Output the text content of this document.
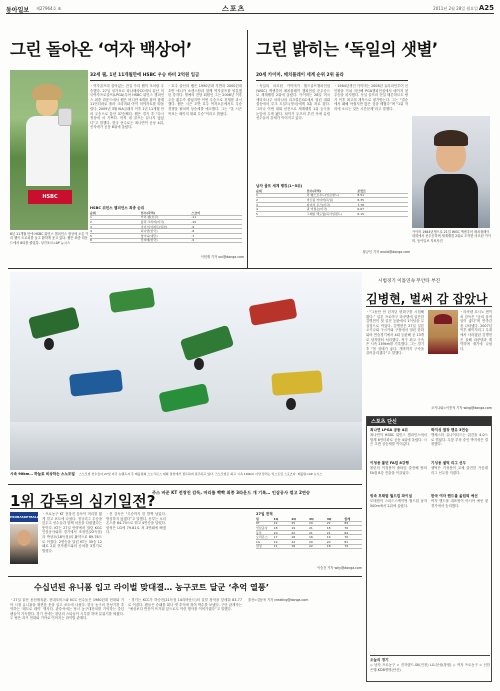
동아일보 제27964호 ⑥	스포츠	2011년 2월 28일 월요일 A25
그린 돌아온 ‘여자 백상어’
32세 웹, 1년 11개월만에 HSBC 우승 바비 2억원 입금
HSBC
8년 11개월 만에 HSBC 위민스 챔피언스 정상에 오른 카리 웹이 트로피를 들고 환하게 웃고 있다. 웹은 최종 라운드에서 6타를 줄였다. 싱가포르=AP 뉴시스
ㆍ여자골프의 살아있는 전설 카리 웹이 모처럼 우승했다. 27일 싱가포르 타나메라CC에서 끝난 미국여자프로골프(LPGA)투어 HSBC 위민스 챔피언스 최종 라운드에서 웹은 버디만 6개를 잡아 합계 11언더파로 폴라 크리머와 아이 미야자토를 따돌렸다. 2009년 3월 KIA클래식 이후 1년 11개월 만의 우승으로 통산 37승째다. 웹은 경기 후 “다시 정상에 서 기쁘다. 아직 내 골프는 끝나지 않았다”고 말했다. 한국 선수로는 최나연이 공동 4위, 신지애가 공동 8위에 올랐다.
ㆍ호주 출신의 웹은 1990년대 후반과 2000년대 초반 애니카 소렌스탐과 함께 여자골프를 양분했던 강자다. 명예의 전당 회원인 그는 2006년 이후 우승 횟수가 줄었지만 이번 우승으로 건재를 과시했다. 웹은 시즌 초반 호주 여자오픈에서도 우승 경쟁을 펼치며 상승세를 예고했다. 그는 “올 시즌 목표는 메이저 대회 우승”이라고 밝혔다.
HSBC 위민스 챔피언스 최종 순위
순위	선수(국적)	스코어
1	카리 웹(호주)	-11
2	폴라 크리머(미국)	-10
3	아이 미야자토(일본)	-9
4	최나연(한국)	-8
5	청야니(대만)	-7
8	신지애(한국)	-5
이헌재 기자 uni@donga.com
그린 밝히는 ‘독일의 샛별’
20세 카이머, 매치플레이 세계 순위 2위 올라
ㆍ독일의 마르틴 카이머가 월드골프챔피언십(WGC) 액센추어 매치플레이 챔피언십 준우승으로 세계랭킹 2위에 올랐다. 카이머는 28일 미국 애리조나주 마라나의 리츠칼튼GC에서 열린 대회 결승에서 루크 도널드(영국)에게 3홀 차로 졌다. 그러나 이번 대회 선전으로 세계랭킹 1위 등극을 눈앞에 두게 됐다. 타이거 우즈의 부진 속에 유럽 선수들의 강세가 이어지고 있다.
ㆍ1984년생인 카이머는 2008년 유러피언투어 신인왕을 거쳐 지난해 PGA챔피언십에서 메이저 첫 우승을 차지했다. 독일 골프의 전설 베른하르트 랑거 이후 최고의 재목으로 평가받는다. 그는 “결승에서 패해 아쉽지만 많은 것을 배웠다”며 “1위 자리에 오르는 것은 시간문제”라고 말했다.
남자 골프 세계 랭킹(1~5위)
순위	선수(국적)	포인트
1	리 웨스트우드(잉글랜드)	8.51
2	마르틴 카이머(독일)	8.35
3	타이거 우즈(미국)	7.78
4	필 미컬슨(미국)	6.67
5	그레임 맥도월(북아일랜드)	6.15
황규인 기자 anold@donga.com
카이머 1984년생으로 21일 WGC 액센추어 매치플레이 대회에서 준우승하며 세계랭킹 2위로 도약한 마르틴 카이머. 동아일보 자료사진
시속 90km… 하늘로 비상하는 스노모빌 스노모빌 선수들이 27일 미국 뉴햄프셔 주 베를린의 스노크로스 대회 결선에서 점프하며 질주하고 있다. 스노모빌은 최고 시속 100km 이상 달리는 익스트림 스포츠다. 베를린=AP 뉴시스
시범경기 이틀연속 무안타 부진
김병현, 벌써 감 잡았나
ㆍ“그동안 안 던지던 변화구를 시험해봤다.” 일본 프로야구 라쿠텐에 입단한 김병현이 첫 실전 등판에서 1이닝을 무실점으로 막았다. 김병현은 27일 일본 오키나와 구시카와 구장에서 열린 한화와의 연습경기에서 4회 등판해 공 13개로 삼자범퇴 처리했다. 직구 최고 구속은 시속 139km를 기록했다. 그는 경기 후 “몸 상태가 좋다. 개막까지 구속을 끌어올리겠다”고 말했다.
ㆍ라쿠텐 호시노 센이치 감독은 “공의 움직임이 좋다”며 만족감을 나타냈다. 2007년 이후 메이저리그 무대에서 사라졌던 김병현은 올해 라쿠텐과 계약하며 재기에 나섰다.
오키나와=이종석 기자 wing@donga.com
스포츠 단신
최나연 LPGA 공동 4위
최나연이 HSBC 위민스 챔피언스에서 합계 8언더파로 공동 4위에 올랐다. 시즌 초반 상승세를 이어갔다.
박지성 결장 맨유 3연승
맨체스터 유나이티드는 위건을 4-0으로 꺾었다. 무릎 부상 중인 박지성은 결장했다.
이청용 볼턴 FA컵 8강행
볼턴의 이청용이 풀타임 출전해 팀의 FA컵 8강 진출을 이끌었다.
기성용 셀틱 리그 선두
셀틱은 기성용이 교체 출전한 가운데 리그 선두를 지켰다.
빙속 모태범 월드컵 파이널
모태범이 스피드스케이팅 월드컵 남자 500m에서 2위에 올랐다.
한국 여자 핸드볼 올림픽 예선
여자 핸드볼 대표팀이 아시아 예선 첫 경기에서 승리했다.
오늘의 경기
◇ 남자 프로농구 = 전자랜드-SK(인천) LG-삼성(창원) ◇ 여자 프로농구 = 신한은행-KDB생명(안산)
1위 감독의 심기일전?
주스 바꾼 KT 전창진 감독, 머리를 빡빡 최종 3라운드 개 기록… 인삼공사 꺾고 2연승
PROBASKETBALL
ㆍ프로농구 KT 전창진 감독이 머리를 짧게 깎고 코트에 나섰다. 정규리그 우승을 앞두고 선수들과 함께 마음을 다잡겠다는 뜻이다. KT는 27일 안양에서 열린 KGC인삼공사와의 경기에서 조성민(22득점)과 박상오(18득점)의 활약으로 89-76으로 이겼다. 2연승을 달린 KT는 35승 12패로 2위 전자랜드와의 승차를 3경기로 벌렸다.
ㆍ전 감독은 “우승까지 한 발짝 남았다. 방심하지 않겠다”고 말했다. 동부는 오리온스를 84-70으로 꺾고 4연승을 달렸다. 삼성은 LG에 79-81로 져 3연패에 빠졌다.
27일 전적
팀	1Q	2Q	3Q	4Q	합계
KT	22	25	20	22	89
인삼공사	18	19	21	18	76
동부	20	22	21	21	84
오리온스	17	18	16	19	70
LG	19	22	20	20	81
삼성	21	18	22	18	79
이승건 기자 why@donga.com
수십년된 유니폼 입고 라이벌 맞대결… 농구코트 달군 ‘추억 열풍’
ㆍ27일 울산 동천체육관. 현대모비스와 KCC 선수들은 1980년대 현대와 기아 시절 유니폼을 재현한 옷을 입고 코트에 나섰다. 한국 농구의 전성기를 추억하는 ‘레트로 데이’ 행사다. 관중석에는 당시 농구대잔치를 기억하는 중년 팬들이 가득했다. 경기 전에는 왕년의 스타들이 시투를 하며 분위기를 띄웠다. 두 팀은 과거 현대와 기아로 이어지는 라이벌 관계다.
ㆍ경기는 KCC가 하승진(21득점 14리바운드)의 골밑 장악을 앞세워 83-77로 이겼다. 팬들은 승패를 떠나 옛 추억에 젖어 박수를 보냈다. 구단 관계자는 “예상보다 반응이 뜨거워 앞으로도 이런 행사를 이어가겠다”고 말했다.
울산=김동욱 기자 creating@donga.com
